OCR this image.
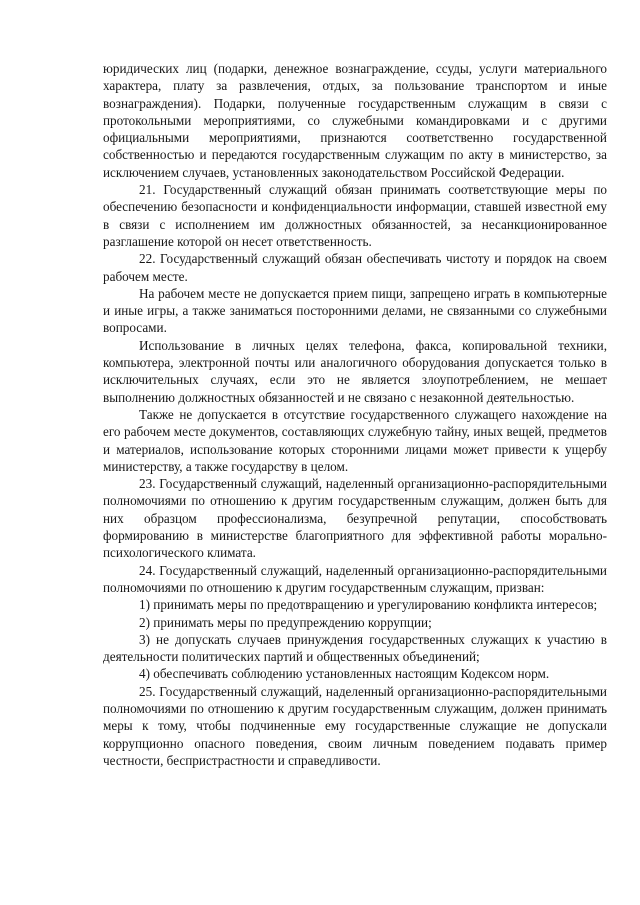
юридических лиц (подарки, денежное вознаграждение, ссуды, услуги материального характера, плату за развлечения, отдых, за пользование транспортом и иные вознаграждения). Подарки, полученные государственным служащим в связи с протокольными мероприятиями, со служебными командировками и с другими официальными мероприятиями, признаются соответственно государственной собственностью и передаются государственным служащим по акту в министерство, за исключением случаев, установленных законодательством Российской Федерации.

21. Государственный служащий обязан принимать соответствующие меры по обеспечению безопасности и конфиденциальности информации, ставшей известной ему в связи с исполнением им должностных обязанностей, за несанкционированное разглашение которой он несет ответственность.

22. Государственный служащий обязан обеспечивать чистоту и порядок на своем рабочем месте.

На рабочем месте не допускается прием пищи, запрещено играть в компьютерные и иные игры, а также заниматься посторонними делами, не связанными со служебными вопросами.

Использование в личных целях телефона, факса, копировальной техники, компьютера, электронной почты или аналогичного оборудования допускается только в исключительных случаях, если это не является злоупотреблением, не мешает выполнению должностных обязанностей и не связано с незаконной деятельностью.

Также не допускается в отсутствие государственного служащего нахождение на его рабочем месте документов, составляющих служебную тайну, иных вещей, предметов и материалов, использование которых сторонними лицами может привести к ущербу министерству, а также государству в целом.

23. Государственный служащий, наделенный организационно-распорядительными полномочиями по отношению к другим государственным служащим, должен быть для них образцом профессионализма, безупречной репутации, способствовать формированию в министерстве благоприятного для эффективной работы морально-психологического климата.

24. Государственный служащий, наделенный организационно-распорядительными полномочиями по отношению к другим государственным служащим, призван:

1) принимать меры по предотвращению и урегулированию конфликта интересов;

2) принимать меры по предупреждению коррупции;

3) не допускать случаев принуждения государственных служащих к участию в деятельности политических партий и общественных объединений;

4) обеспечивать соблюдению установленных настоящим Кодексом норм.

25. Государственный служащий, наделенный организационно-распорядительными полномочиями по отношению к другим государственным служащим, должен принимать меры к тому, чтобы подчиненные ему государственные служащие не допускали коррупционно опасного поведения, своим личным поведением подавать пример честности, беспристрастности и справедливости.
